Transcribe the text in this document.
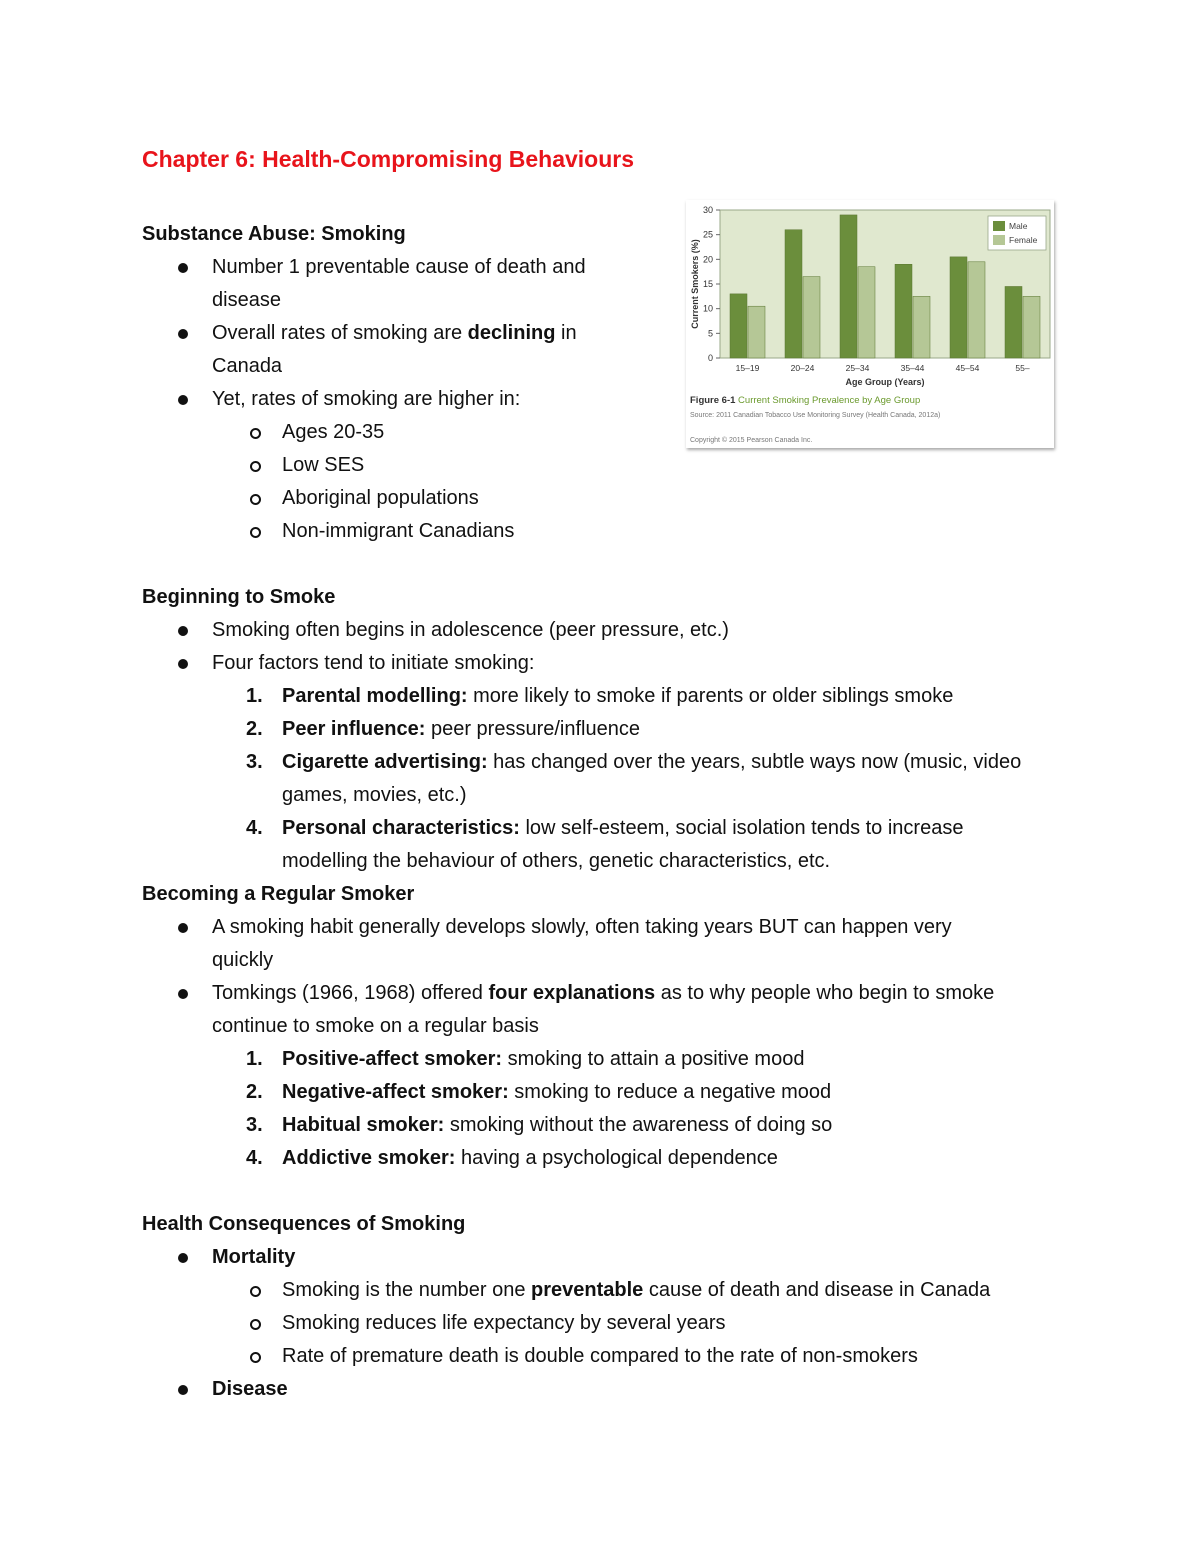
Chapter 6: Health-Compromising Behaviours
0
5
10
15
20
25
30
15–19	20–24	25–34	35–44	45–54	55–
Age Group (Years)
Current Smokers (%)
Male
Female
Figure 6-1 Current Smoking Prevalence by Age Group
Source: 2011 Canadian Tobacco Use Monitoring Survey (Health Canada, 2012a)
Copyright © 2015 Pearson Canada Inc.
Substance Abuse: Smoking
Number 1 preventable cause of death and
disease
Overall rates of smoking are declining in
Canada
Yet, rates of smoking are higher in:
Ages 20-35
Low SES
Aboriginal populations
Non-immigrant Canadians
Beginning to Smoke
Smoking often begins in adolescence (peer pressure, etc.)
Four factors tend to initiate smoking:
1. Parental modelling: more likely to smoke if parents or older siblings smoke
2. Peer influence: peer pressure/influence
3. Cigarette advertising: has changed over the years, subtle ways now (music, video
games, movies, etc.)
4. Personal characteristics: low self-esteem, social isolation tends to increase
modelling the behaviour of others, genetic characteristics, etc.
Becoming a Regular Smoker
A smoking habit generally develops slowly, often taking years BUT can happen very
quickly
Tomkings (1966, 1968) offered four explanations as to why people who begin to smoke
continue to smoke on a regular basis
1. Positive-affect smoker: smoking to attain a positive mood
2. Negative-affect smoker: smoking to reduce a negative mood
3. Habitual smoker: smoking without the awareness of doing so
4. Addictive smoker: having a psychological dependence
Health Consequences of Smoking
Mortality
Smoking is the number one preventable cause of death and disease in Canada
Smoking reduces life expectancy by several years
Rate of premature death is double compared to the rate of non-smokers
Disease
